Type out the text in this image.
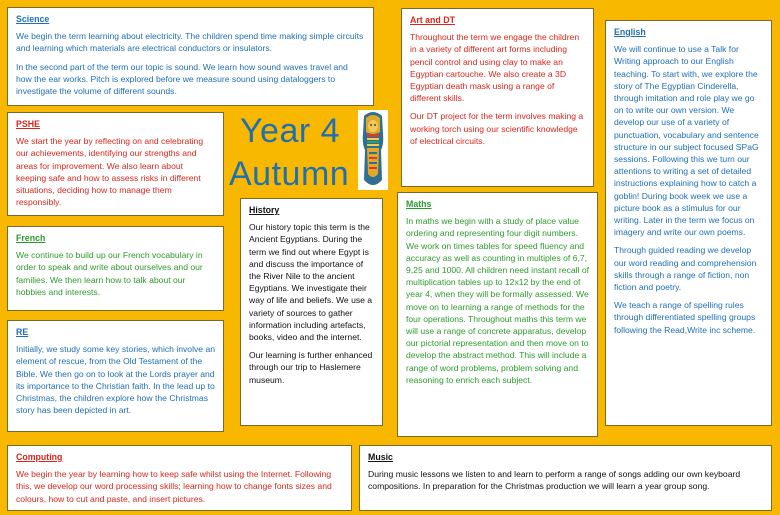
Science

We begin the term learning about electricity. The children spend time making simple circuits and learning which materials are electrical conductors or insulators.

In the second part of the term our topic is sound. We learn how sound waves travel and how the ear works. Pitch is explored before we measure sound using dataloggers to investigate the volume of different sounds.

PSHE

We start the year by reflecting on and celebrating our achievements, identifying our strengths and areas for improvement. We also learn about keeping safe and how to assess risks in different situations, deciding how to manage them responsibly.

French

We continue to build up our French vocabulary in order to speak and write about ourselves and our families. We then learn how to talk about our hobbies and interests.

RE

Initially, we study some key stories, which involve an element of rescue, from the Old Testament of the Bible. We then go on to look at the Lords prayer and its importance to the Christian faith. In the lead up to Christmas, the children explore how the Christmas story has been depicted in art.

Year 4
Autumn
History

Our history topic this term is the Ancient Egyptians. During the term we find out where Egypt is and discuss the importance of the River Nile to the ancient Egyptians. We investigate their way of life and beliefs. We use a variety of sources to gather information including artefacts, books, video and the internet.

Our learning is further enhanced through our trip to Haslemere museum.

Art and DT

Throughout the term we engage the children in a variety of different art forms including pencil control and using clay to make an Egyptian cartouche. We also create a 3D Egyptian death mask using a range of different skills.

Our DT project for the term involves making a working torch using our scientific knowledge of electrical circuits.

Maths

In maths we begin with a study of place value ordering and representing four digit numbers. We work on times tables for speed fluency and accuracy as well as counting in multiples of 6,7, 9,25 and 1000. All children need instant recall of multiplication tables up to 12x12 by the end of year 4, when they will be formally assessed. We move on to learning a range of methods for the four operations. Throughout maths this term we will use a range of concrete apparatus, develop our pictorial representation and then move on to develop the abstract method. This will include a range of word problems, problem solving and reasoning to enrich each subject.

English

We will continue to use a Talk for Writing approach to our English teaching. To start with, we explore the story of The Egyptian Cinderella, through imitation and role play we go on to write our own version. We develop our use of a variety of punctuation, vocabulary and sentence structure in our subject focused SPaG sessions. Following this we turn our attentions to writing a set of detailed instructions explaining how to catch a goblin! During book week we use a picture book as a stimulus for our writing. Later in the term we focus on imagery and write our own poems.

Through guided reading we develop our word reading and comprehension skills through a range of fiction, non fiction and poetry.

We teach a range of spelling rules through differentiated spelling groups following the Read,Write inc scheme.

Computing

We begin the year by learning how to keep safe whilst using the Internet. Following this, we develop our word processing skills; learning how to change fonts sizes and colours, how to cut and paste, and insert pictures.

Music

During music lessons we listen to and learn to perform a range of songs adding our own keyboard compositions. In preparation for the Christmas production we will learn a year group song.
